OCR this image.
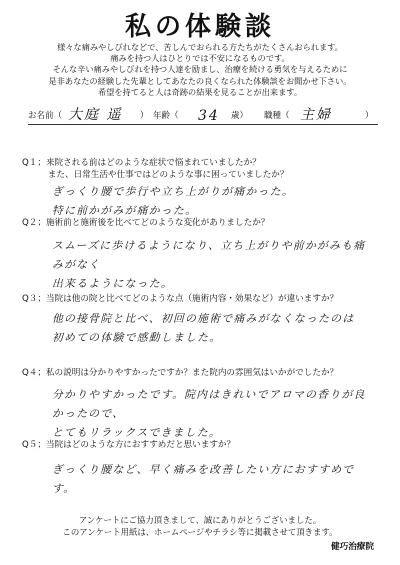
私の体験談
様々な痛みやしびれなどで、苦しんでおられる方たちがたくさんおられます。
痛みを持つ人はひとりでは不安になるものです。
そんな辛い痛みやしびれを持つ人達を励まし、治療を続ける勇気を与えるために
是非あなたの経験した先輩としてあなたの良くなられた体験談をお聞かせ下さい。
希望を持てると人は奇跡の結果を見ることが出来ます。
お名前（ 大庭 遥 ） 年齢（ 34 歳） 職種（ 主婦	）
Q１；来院される前はどのような症状で悩まれていましたか？
　　　また、日常生活や仕事ではどのような事に困っていましたか？
ぎっくり腰で歩行や立ち上がりが痛かった。
特に前かがみが痛かった。
Q２；施術前と施術後を比べてどのような変化がありましたか？
スムーズに歩けるようになり、立ち上がりや前かがみも痛みがなく
出来るようになった。
Q３；当院は他の院と比べてどのような点（施術内容・効果など）が違いますか？
他の接骨院と比べ、初回の施術で痛みがなくなったのは
初めての体験で感動しました。
Q４；私の説明は分かりやすかったですか？また院内の雰囲気はいかがでしたか？
分かりやすかったです。院内はきれいでアロマの香りが良かったので、
とてもリラックスできました。
Q５；当院はどのような方におすすめだと思いますか？
ぎっくり腰など、早く痛みを改善したい方におすすめです。
アンケートにご協力頂きまして、誠にありがとうございました。
このアンケート用紙は、ホームページやチラシ等に掲載させて頂きます。
健巧治療院
